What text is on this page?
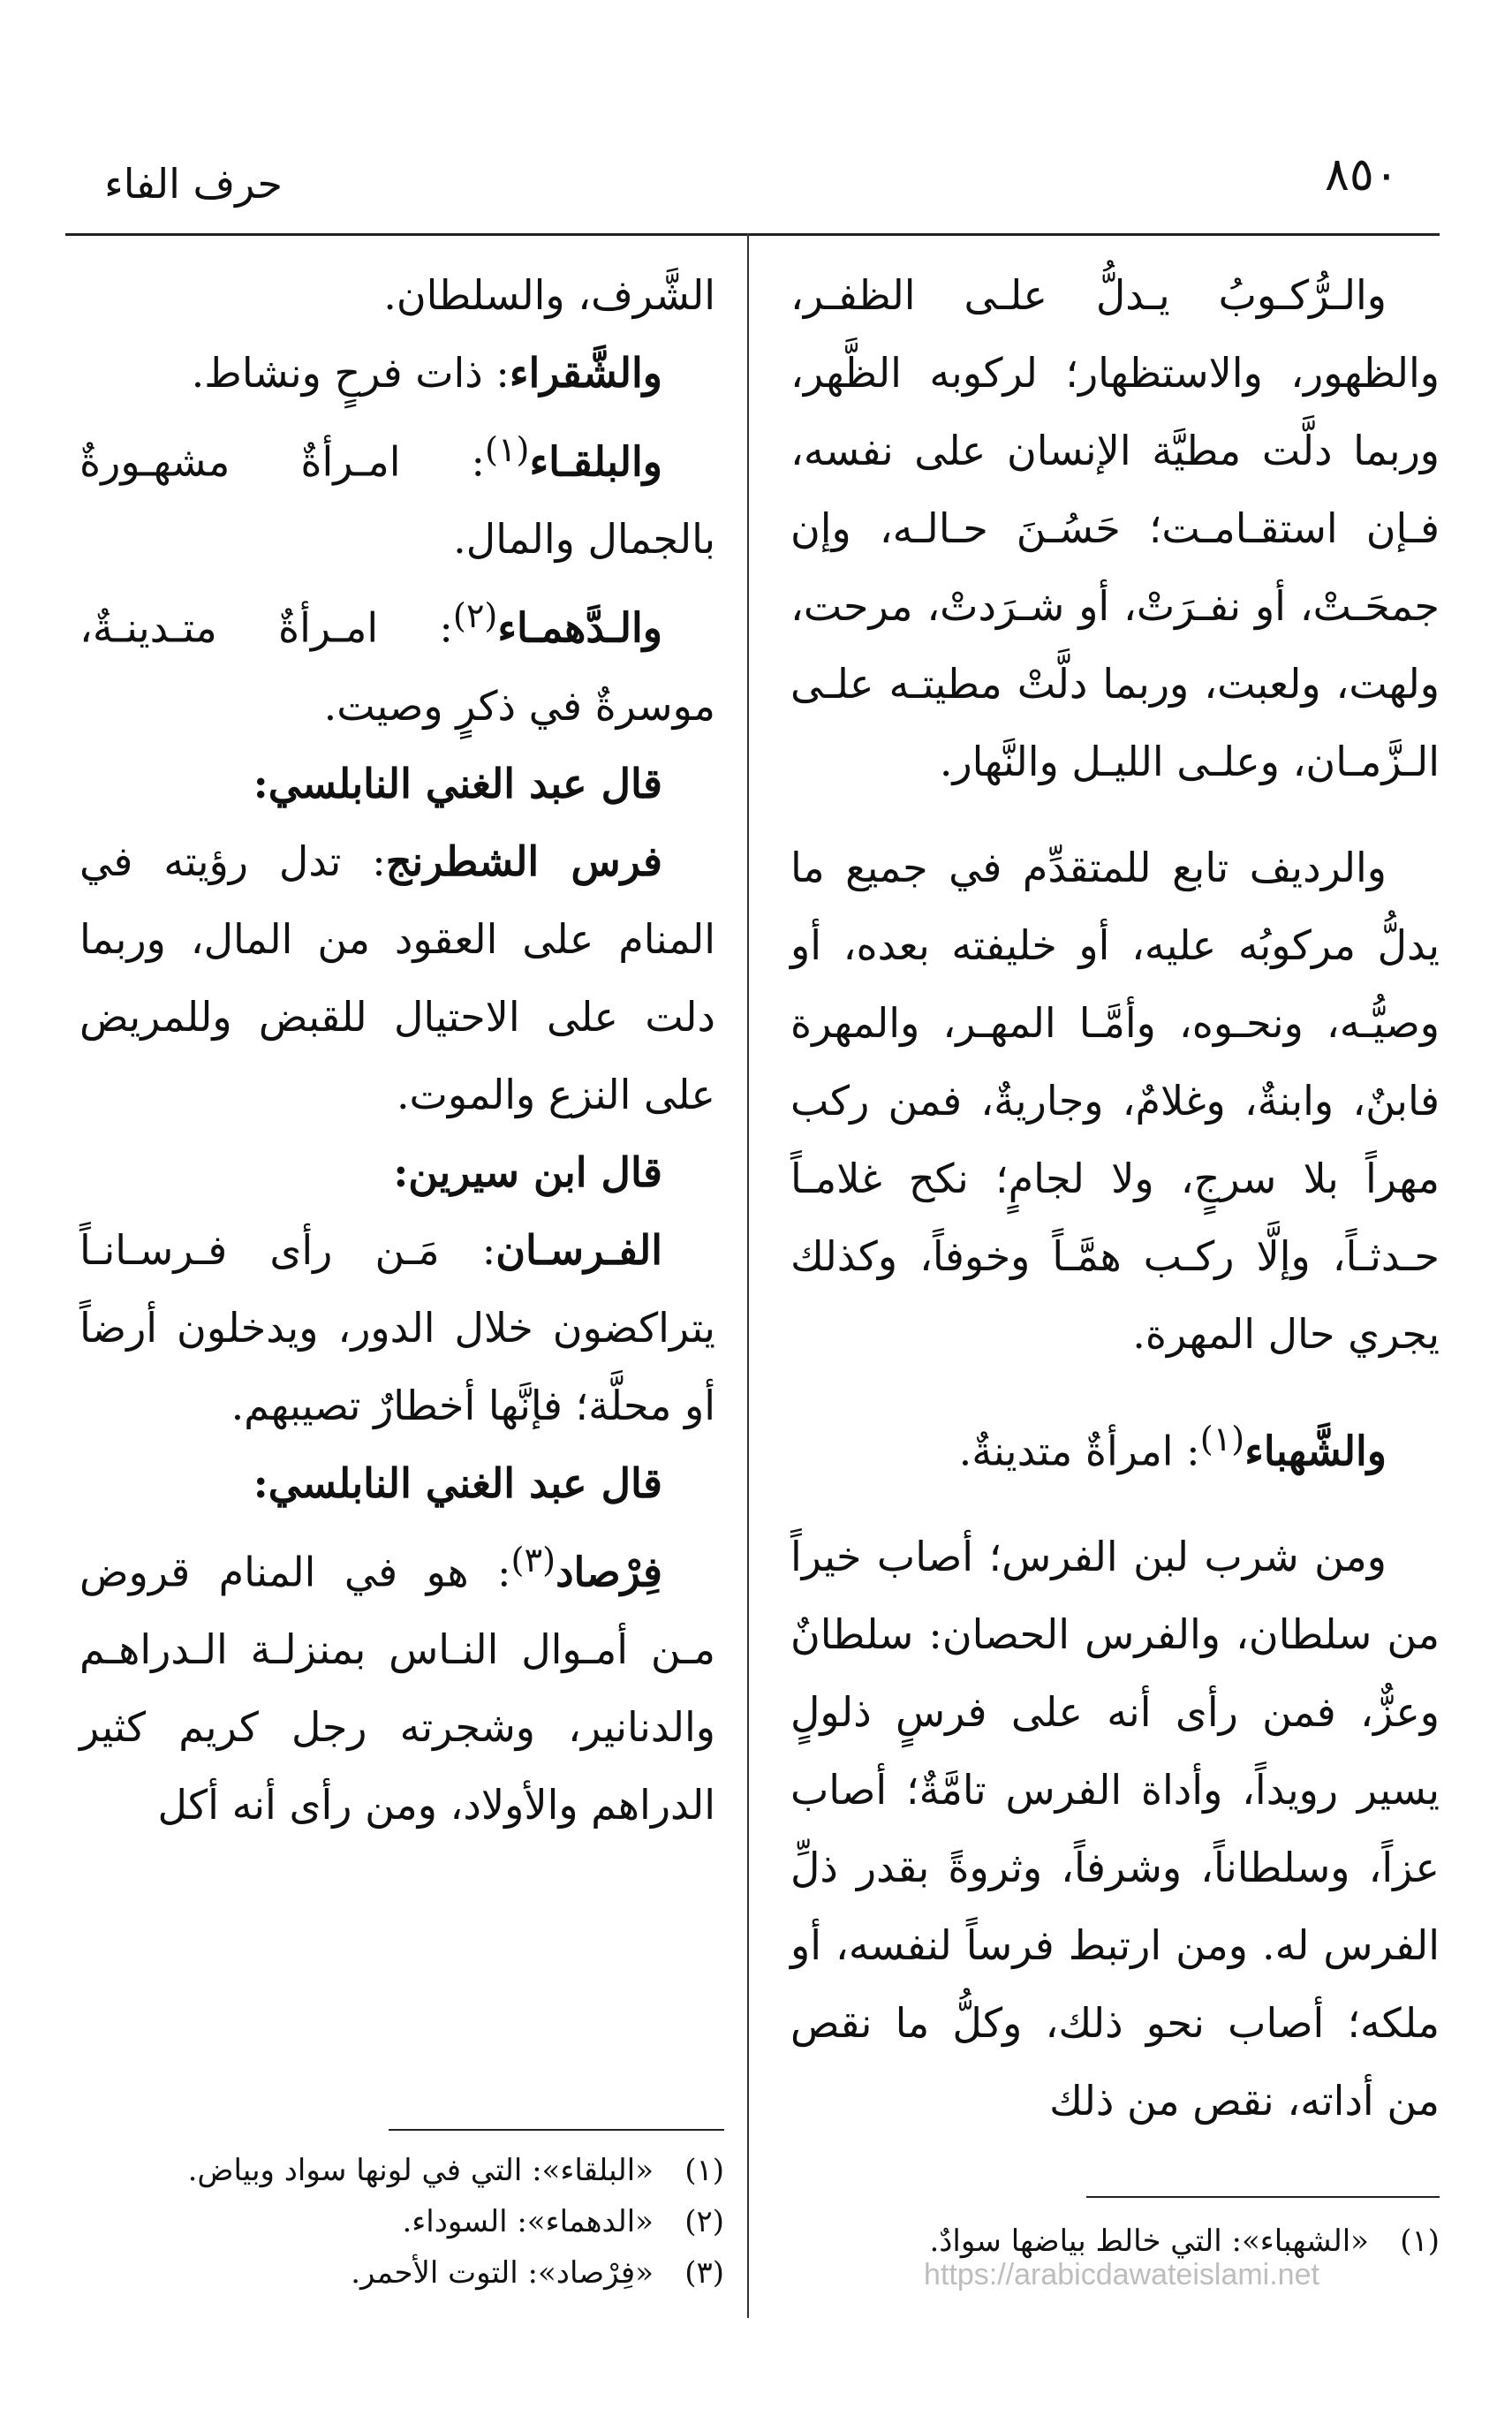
٨٥٠
حرف الفاء

والـرُّكـوبُ يـدلُّ علـى الظفـر، والظهور، والاستظهار؛ لركوبه الظَّهر، وربما دلَّت مطيَّة الإنسان على نفسه، فـإن استقـامـت؛ حَسُـنَ حـالـه، وإن جمحَـتْ، أو نفـرَتْ، أو شـرَدتْ، مرحت، ولهت، ولعبت، وربما دلَّتْ مطيتـه علـى الـزَّمـان، وعلـى الليـل والنَّهار.

والرديف تابع للمتقدِّم في جميع ما يدلُّ مركوبُه عليه، أو خليفته بعده، أو وصيُّـه، ونحـوه، وأمَّـا المهـر، والمهرة فابنٌ، وابنةٌ، وغلامٌ، وجاريةٌ، فمن ركب مهراً بلا سرجٍ، ولا لجامٍ؛ نكح غلامـاً حـدثـاً، وإلَّا ركـب همَّـاً وخوفاً، وكذلك يجري حال المهرة.

والشَّهباء$^{(١)}$: امرأةٌ متدينةٌ.

ومن شرب لبن الفرس؛ أصاب خيراً من سلطان، والفرس الحصان: سلطانٌ وعزٌّ، فمن رأى أنه على فرسٍ ذلولٍ يسير رويداً، وأداة الفرس تامَّةٌ؛ أصاب عزاً، وسلطاناً، وشرفاً، وثروةً بقدر ذلِّ الفرس له. ومن ارتبط فرساً لنفسه، أو ملكه؛ أصاب نحو ذلك، وكلُّ ما نقص من أداته، نقص من ذلك

الشَّرف، والسلطان.

والشَّقراء: ذات فرحٍ ونشاط.

والبلقـاء$^{(١)}$: امـرأةٌ مشهـورةٌ بالجمال والمال.

والـدَّهمـاء$^{(٢)}$: امـرأةٌ متـدينـةٌ، موسرةٌ في ذكرٍ وصيت.

قال عبد الغني النابلسي:

فرس الشطرنج: تدل رؤيته في المنام على العقود من المال، وربما دلت على الاحتيال للقبض وللمريض على النزع والموت.

قال ابن سيرين:

الفـرسـان: مَـن رأى فـرسـانـاً يتراكضون خلال الدور، ويدخلون أرضاً أو محلَّة؛ فإنَّها أخطارٌ تصيبهم.

قال عبد الغني النابلسي:

فِرْصاد$^{(٣)}$: هو في المنام قروض مـن أمـوال النـاس بمنزلـة الـدراهـم والدنانير، وشجرته رجل كريم كثير الدراهم والأولاد، ومن رأى أنه أكل

(١)«البلقاء»: التي في لونها سواد وبياض.
(٢)«الدهماء»: السوداء.
(٣)«فِرْصاد»: التوت الأحمر.
(١)«الشهباء»: التي خالط بياضها سوادٌ.
https://arabicdawateislami.net
